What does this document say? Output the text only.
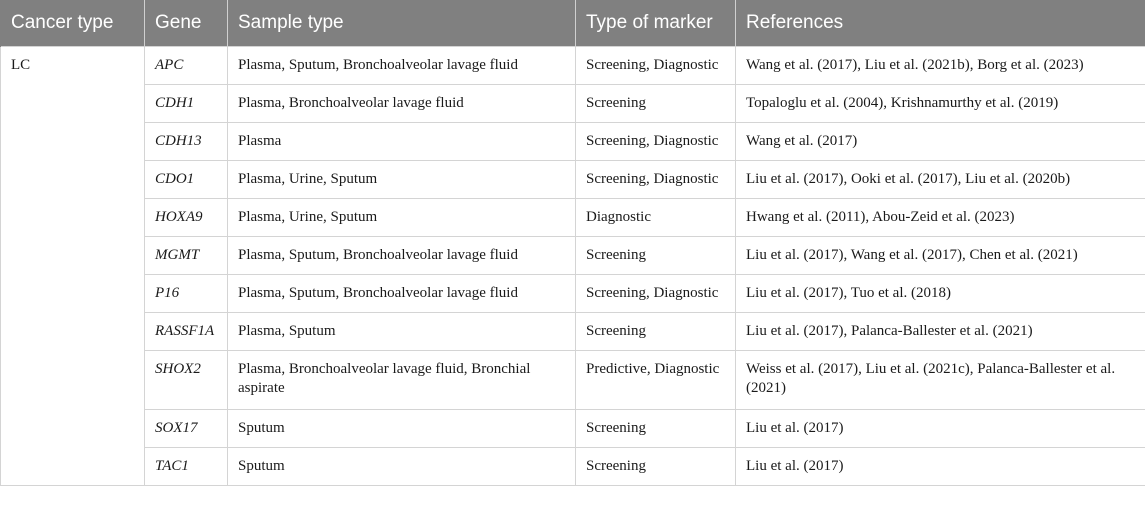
Cancer type	Gene	Sample type	Type of marker	References
LC	APC	Plasma, Sputum, Bronchoalveolar lavage fluid	Screening, Diagnostic	Wang et al. (2017), Liu et al. (2021b), Borg et al. (2023)
	CDH1	Plasma, Bronchoalveolar lavage fluid	Screening	Topaloglu et al. (2004), Krishnamurthy et al. (2019)
	CDH13	Plasma	Screening, Diagnostic	Wang et al. (2017)
	CDO1	Plasma, Urine, Sputum	Screening, Diagnostic	Liu et al. (2017), Ooki et al. (2017), Liu et al. (2020b)
	HOXA9	Plasma, Urine, Sputum	Diagnostic	Hwang et al. (2011), Abou-Zeid et al. (2023)
	MGMT	Plasma, Sputum, Bronchoalveolar lavage fluid	Screening	Liu et al. (2017), Wang et al. (2017), Chen et al. (2021)
	P16	Plasma, Sputum, Bronchoalveolar lavage fluid	Screening, Diagnostic	Liu et al. (2017), Tuo et al. (2018)
	RASSF1A	Plasma, Sputum	Screening	Liu et al. (2017), Palanca-Ballester et al. (2021)
	SHOX2	Plasma, Bronchoalveolar lavage fluid, Bronchial aspirate	Predictive, Diagnostic	Weiss et al. (2017), Liu et al. (2021c), Palanca-Ballester et al. (2021)
	SOX17	Sputum	Screening	Liu et al. (2017)
	TAC1	Sputum	Screening	Liu et al. (2017)
